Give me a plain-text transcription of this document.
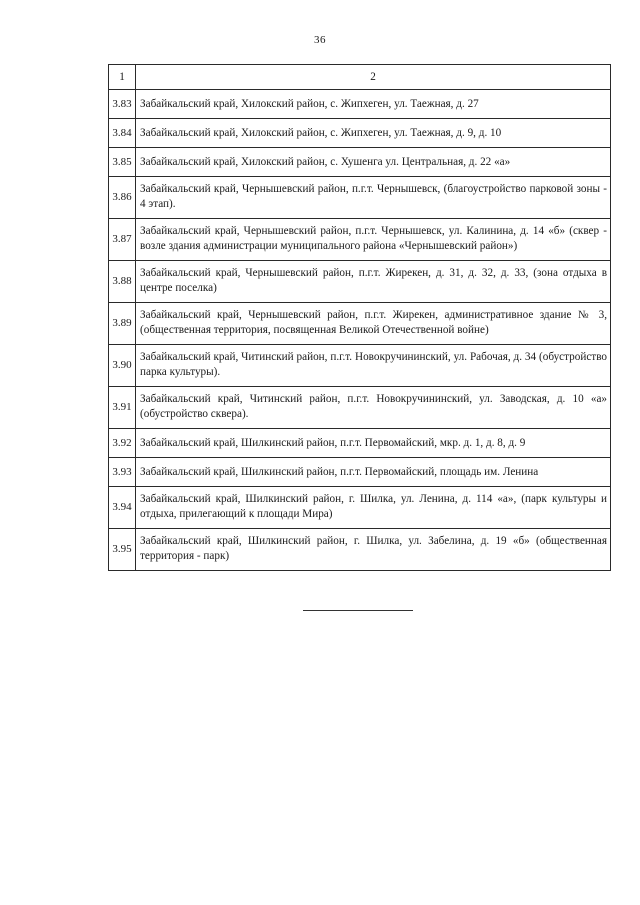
36
1	2
3.83	Забайкальский край, Хилокский район, с. Жипхеген, ул. Таежная, д. 27
3.84	Забайкальский край, Хилокский район, с. Жипхеген, ул. Таежная, д. 9, д. 10
3.85	Забайкальский край, Хилокский район, с. Хушенга ул. Центральная, д. 22 «а»
3.86	Забайкальский край, Чернышевский район, п.г.т. Чернышевск, (благоустройство парковой зоны - 4 этап).
3.87	Забайкальский край, Чернышевский район, п.г.т. Чернышевск, ул. Калинина, д. 14 «б» (сквер - возле здания администрации муниципального района «Чернышевский район»)
3.88	Забайкальский край, Чернышевский район, п.г.т. Жирекен, д. 31, д. 32, д. 33, (зона отдыха в центре поселка)
3.89	Забайкальский край, Чернышевский район, п.г.т. Жирекен, административное здание № 3, (общественная территория, посвященная Великой Отечественной войне)
3.90	Забайкальский край, Читинский район, п.г.т. Новокручининский, ул. Рабочая, д. 34 (обустройство парка культуры).
3.91	Забайкальский край, Читинский район, п.г.т. Новокручининский, ул. Заводская, д. 10 «а» (обустройство сквера).
3.92	Забайкальский край, Шилкинский район, п.г.т. Первомайский, мкр. д. 1, д. 8, д. 9
3.93	Забайкальский край, Шилкинский район, п.г.т. Первомайский, площадь им. Ленина
3.94	Забайкальский край, Шилкинский район, г. Шилка, ул. Ленина, д. 114 «а», (парк культуры и отдыха, прилегающий к площади Мира)
3.95	Забайкальский край, Шилкинский район, г. Шилка, ул. Забелина, д. 19 «б» (общественная территория - парк)
